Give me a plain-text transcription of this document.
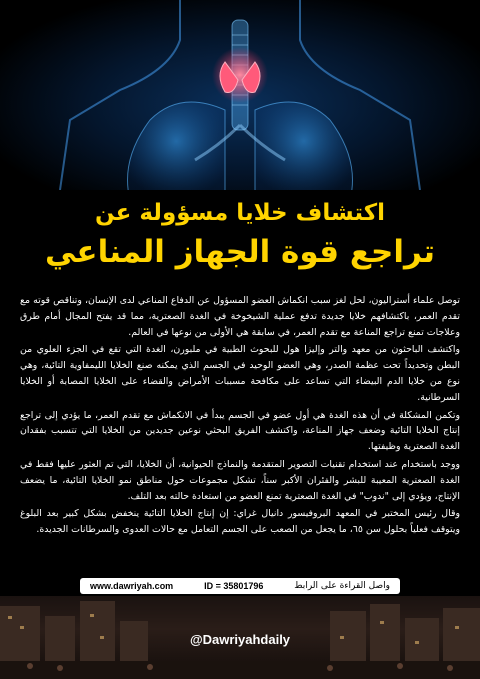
اكتشاف خلايا مسؤولة عن
تراجع قوة الجهاز المناعي

توصل علماء أستراليون، لحل لغز سبب انكماش العضو المسؤول عن الدفاع المناعي لدى الإنسان، وتناقص قوته مع تقدم العمر، باكتشافهم خلايا جديدة تدفع عملية الشيخوخة في الغدة الصعترية، مما قد يفتح المجال أمام طرق وعلاجات تمنع تراجع المناعة مع تقدم العمر، في سابقة هي الأولى من نوعها في العالم.

واكتشف الباحثون من معهد والتر وإليزا هول للبحوث الطبية في ملبورن، الغدة التي تقع في الجزء العلوي من البطن وتحديداً تحت عظمة الصدر، وهي العضو الوحيد في الجسم الذي يمكنه صنع الخلايا الليمفاوية التائية، وهي نوع من خلايا الدم البيضاء التي تساعد على مكافحة مسببات الأمراض والقضاء على الخلايا المصابة أو الخلايا السرطانية.

وتكمن المشكلة في أن هذه الغدة هي أول عضو في الجسم يبدأ في الانكماش مع تقدم العمر، ما يؤدي إلى تراجع إنتاج الخلايا التائية وضعف جهاز المناعة، واكتشف الفريق البحثي نوعين جديدين من الخلايا التي تتسبب بفقدان الغدة الصعترية وظيفتها.

ووجد باستخدام عند استخدام تقنيات التصوير المتقدمة والنماذج الحيوانية، أن الخلايا، التي تم العثور عليها فقط في الغدة الصعترية المعيبة للبشر والفئران الأكبر سناً، تشكل مجموعات حول مناطق نمو الخلايا التائية، ما يضعف الإنتاج، ويؤدي إلى "ندوب" في الغدة الصعترية تمنع العضو من استعادة حالته بعد التلف.

وقال رئيس المختبر في المعهد البروفيسور دانيال غراي: إن إنتاج الخلايا التائية ينخفض بشكل كبير بعد البلوغ ويتوقف فعلياً بحلول سن ٦٥، ما يجعل من الصعب على الجسم التعامل مع حالات العدوى والسرطانات الجديدة.

www.dawriyah.com	ID = 35801796	واصل القراءة على الرابط
@Dawriyahdaily
